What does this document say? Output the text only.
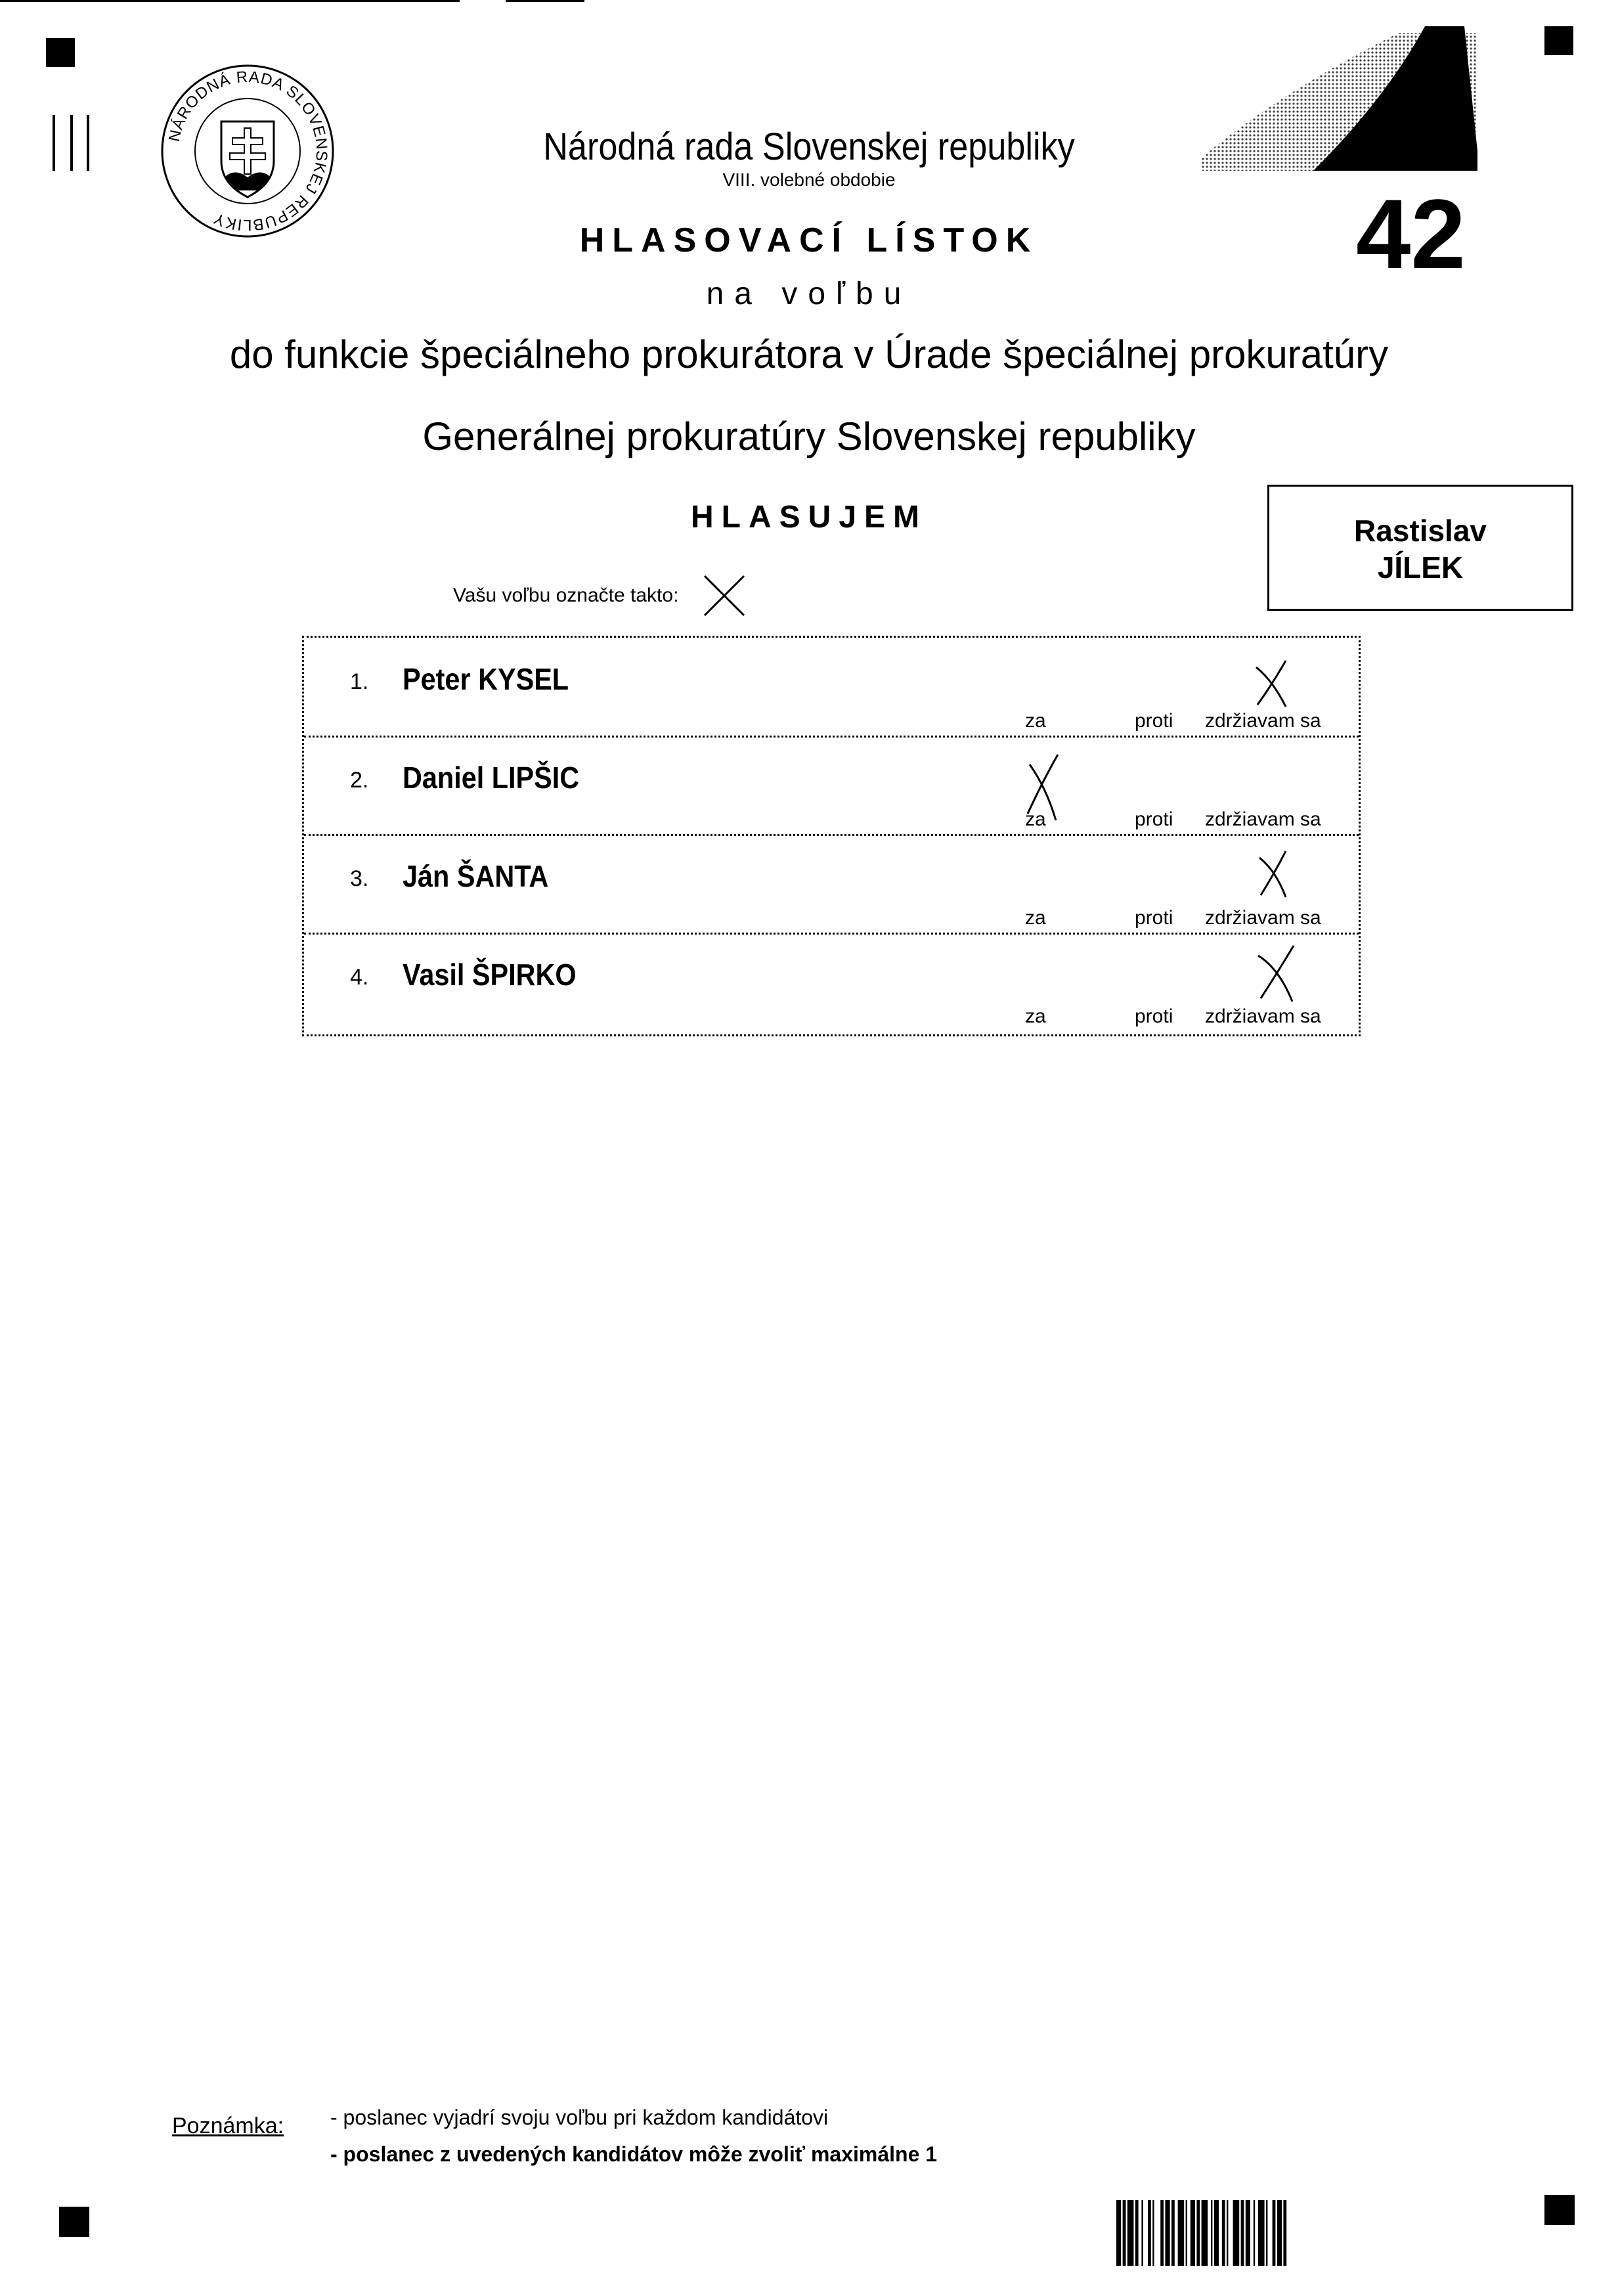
NÁRODNÁ RADA SLOVENSKEJ REPUBLIKY	42
Národná rada Slovenskej republiky
VIII. volebné obdobie
HLASOVACÍ LÍSTOK
na voľbu
do funkcie špeciálneho prokurátora v Úrade špeciálnej prokuratúry
Generálnej prokuratúry Slovenskej republiky
HLASUJEM
Vašu voľbu označte takto:
Rastislav
JÍLEK
1. Peter KYSEL
za	proti zdržiavam sa
2. Daniel LIPŠIC
za	proti zdržiavam sa
3. Ján ŠANTA
za	proti zdržiavam sa
4. Vasil ŠPIRKO
za	proti zdržiavam sa
Poznámka: - poslanec vyjadrí svoju voľbu pri každom kandidátovi
- poslanec z uvedených kandidátov môže zvoliť maximálne 1
